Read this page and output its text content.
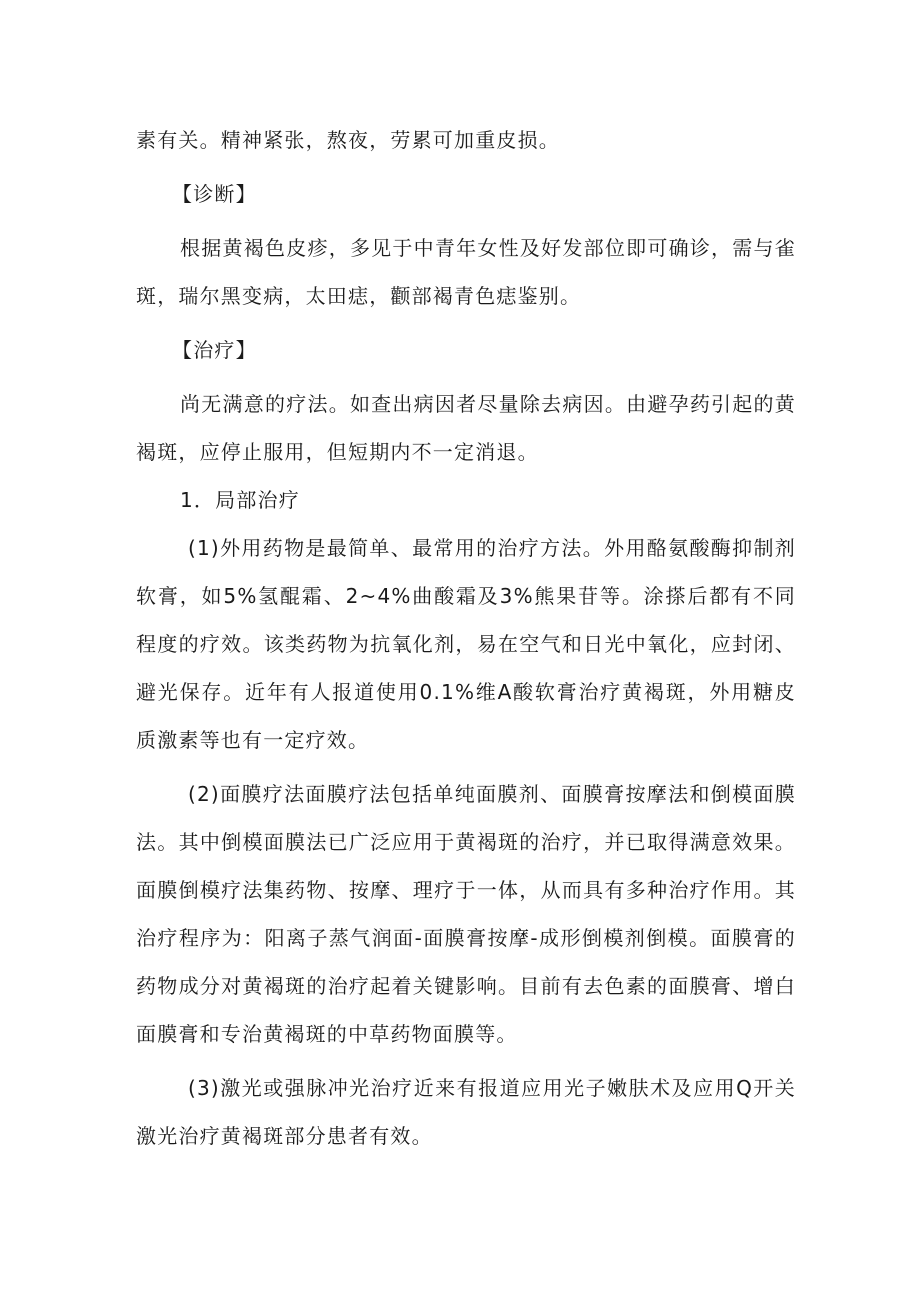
素有关。精神紧张，熬夜，劳累可加重皮损。

【诊断】

根据黄褐色皮疹，多见于中青年女性及好发部位即可确诊，需与雀斑，瑞尔黑变病，太田痣，颧部褐青色痣鉴别。

【治疗】

尚无满意的疗法。如查出病因者尽量除去病因。由避孕药引起的黄褐斑，应停止服用，但短期内不一定消退。

1．局部治疗

(1)外用药物是最简单、最常用的治疗方法。外用酪氨酸酶抑制剂软膏，如5%氢醌霜、2~4%曲酸霜及3%熊果苷等。涂搽后都有不同程度的疗效。该类药物为抗氧化剂，易在空气和日光中氧化，应封闭、避光保存。近年有人报道使用0.1%维A酸软膏治疗黄褐斑，外用糖皮质激素等也有一定疗效。

(2)面膜疗法面膜疗法包括单纯面膜剂、面膜膏按摩法和倒模面膜法。其中倒模面膜法已广泛应用于黄褐斑的治疗，并已取得满意效果。面膜倒模疗法集药物、按摩、理疗于一体，从而具有多种治疗作用。其治疗程序为：阳离子蒸气润面-面膜膏按摩-成形倒模剂倒模。面膜膏的药物成分对黄褐斑的治疗起着关键影响。目前有去色素的面膜膏、增白面膜膏和专治黄褐斑的中草药物面膜等。

(3)激光或强脉冲光治疗近来有报道应用光子嫩肤术及应用Q开关激光治疗黄褐斑部分患者有效。
